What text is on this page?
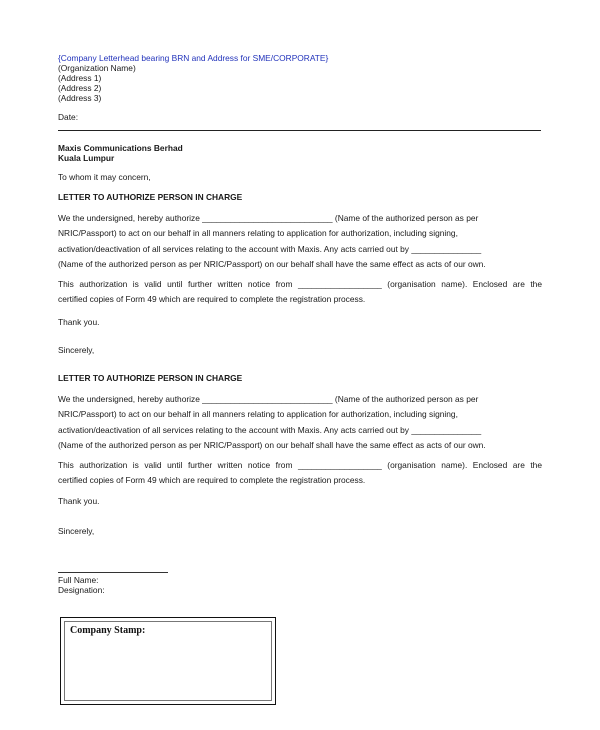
{Company Letterhead bearing BRN and Address for SME/CORPORATE}
(Organization Name)
(Address 1)
(Address 2)
(Address 3)
Date:
Maxis Communications Berhad
Kuala Lumpur
To whom it may concern,
LETTER TO AUTHORIZE PERSON IN CHARGE
We the undersigned, hereby authorize ____________________________ (Name of the authorized person as per
NRIC/Passport) to act on our behalf in all manners relating to application for authorization, including signing,
activation/deactivation of all services relating to the account with Maxis. Any acts carried out by _______________
(Name of the authorized person as per NRIC/Passport) on our behalf shall have the same effect as acts of our own.
This authorization is valid until further written notice from __________________ (organisation name). Enclosed are the
certified copies of Form 49 which are required to complete the registration process.
Thank you.
Sincerely,
LETTER TO AUTHORIZE PERSON IN CHARGE
We the undersigned, hereby authorize ____________________________ (Name of the authorized person as per
NRIC/Passport) to act on our behalf in all manners relating to application for authorization, including signing,
activation/deactivation of all services relating to the account with Maxis. Any acts carried out by _______________
(Name of the authorized person as per NRIC/Passport) on our behalf shall have the same effect as acts of our own.
This authorization is valid until further written notice from __________________ (organisation name). Enclosed are the
certified copies of Form 49 which are required to complete the registration process.
Thank you.
Sincerely,
Full Name:
Designation:
Company Stamp:
